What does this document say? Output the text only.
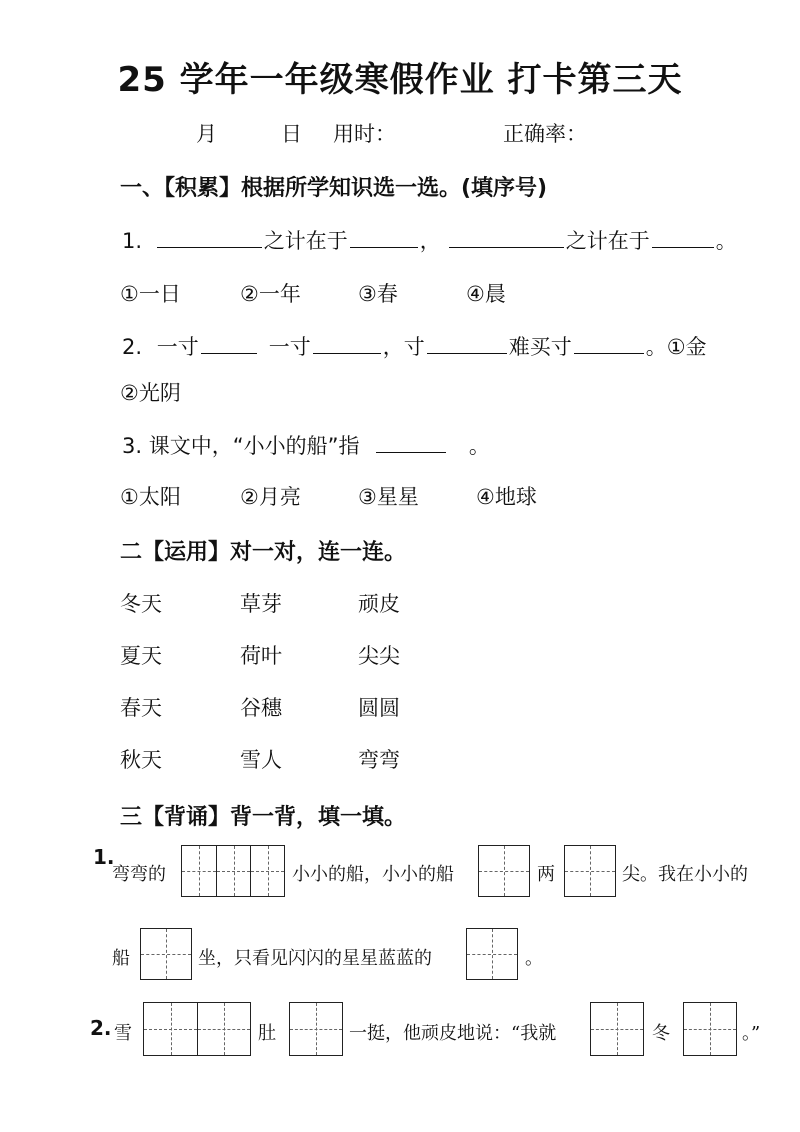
25 学年一年级寒假作业 打卡第三天
月	日 用时：	正确率：
一、【积累】根据所学知识选一选。(填序号)
1.	之计在于	，	之计在于	。
①一日	②一年	③春	④晨
2. 一寸	一寸	，寸	难买寸	。①金
②光阴
3. 课文中，“小小的船”指	。
①太阳	②月亮	③星星	④地球
二【运用】对一对，连一连。
冬天	草芽	顽皮
夏天	荷叶	尖尖
春天	谷穗	圆圆
秋天	雪人	弯弯
三【背诵】背一背，填一填。
1.
弯弯的	小小的船，小小的船	两	尖。我在小小的
船	坐，只看见闪闪的星星蓝蓝的	。
2. 雪	肚	一挺，他顽皮地说：“我就	冬	。”
